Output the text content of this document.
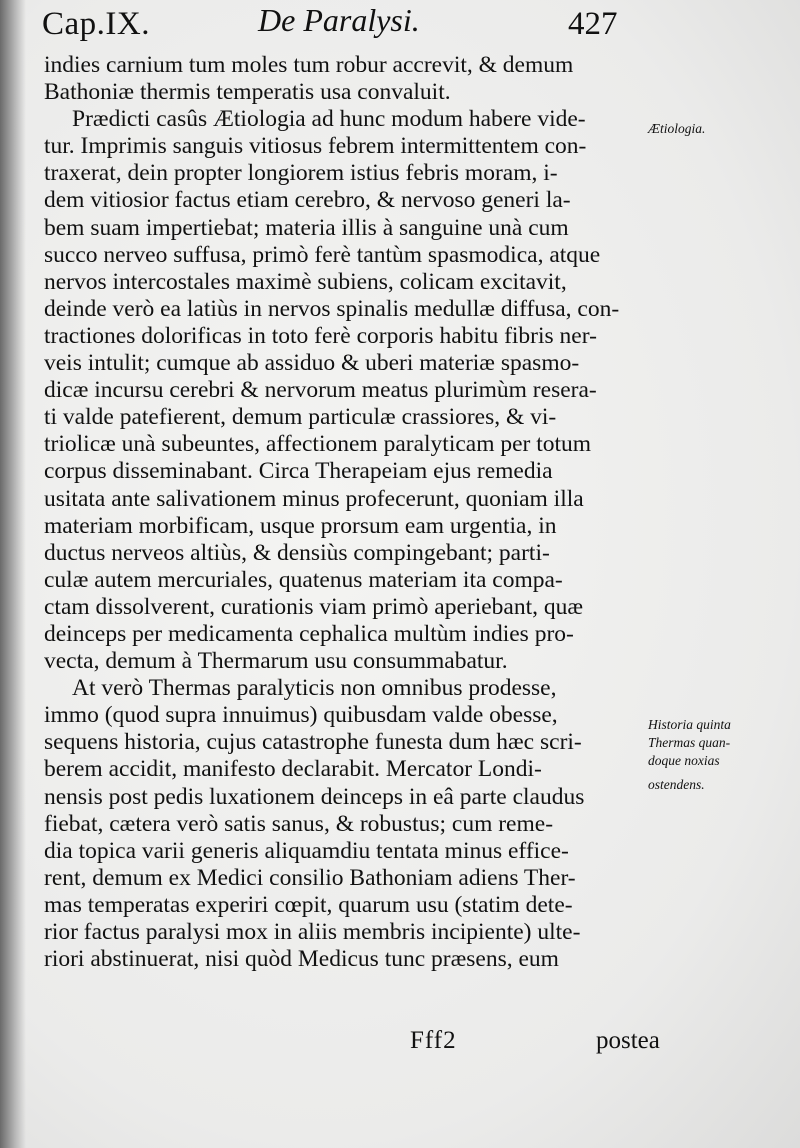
Cap.IX.	De Paralysi.	427
indies carnium tum moles tum robur accrevit, & demum
Bathoniæ thermis temperatis usa convaluit.
Prædicti casûs Ætiologia ad hunc modum habere vide-
tur. Imprimis sanguis vitiosus febrem intermittentem con-
traxerat, dein propter longiorem istius febris moram, i-
dem vitiosior factus etiam cerebro, & nervoso generi la-
bem suam impertiebat; materia illis à sanguine unà cum
succo nerveo suffusa, primò ferè tantùm spasmodica, atque
nervos intercostales maximè subiens, colicam excitavit,
deinde verò ea latiùs in nervos spinalis medullæ diffusa, con-
tractiones dolorificas in toto ferè corporis habitu fibris ner-
veis intulit; cumque ab assiduo & uberi materiæ spasmo-
dicæ incursu cerebri & nervorum meatus plurimùm resera-
ti valde patefierent, demum particulæ crassiores, & vi-
triolicæ unà subeuntes, affectionem paralyticam per totum
corpus disseminabant. Circa Therapeiam ejus remedia
usitata ante salivationem minus profecerunt, quoniam illa
materiam morbificam, usque prorsum eam urgentia, in
ductus nerveos altiùs, & densiùs compingebant; parti-
culæ autem mercuriales, quatenus materiam ita compa-
ctam dissolverent, curationis viam primò aperiebant, quæ
deinceps per medicamenta cephalica multùm indies pro-
vecta, demum à Thermarum usu consummabatur.
At verò Thermas paralyticis non omnibus prodesse,
immo (quod supra innuimus) quibusdam valde obesse,
sequens historia, cujus catastrophe funesta dum hæc scri-
berem accidit, manifesto declarabit. Mercator Londi-
nensis post pedis luxationem deinceps in eâ parte claudus
fiebat, cætera verò satis sanus, & robustus; cum reme-
dia topica varii generis aliquamdiu tentata minus effice-
rent, demum ex Medici consilio Bathoniam adiens Ther-
mas temperatas experiri cœpit, quarum usu (statim dete-
rior factus paralysi mox in aliis membris incipiente) ulte-
riori abstinuerat, nisi quòd Medicus tunc præsens, eum
Ætiologia.
Historia quinta
Thermas quan-
doque noxias
ostendens.
Fff2	postea
